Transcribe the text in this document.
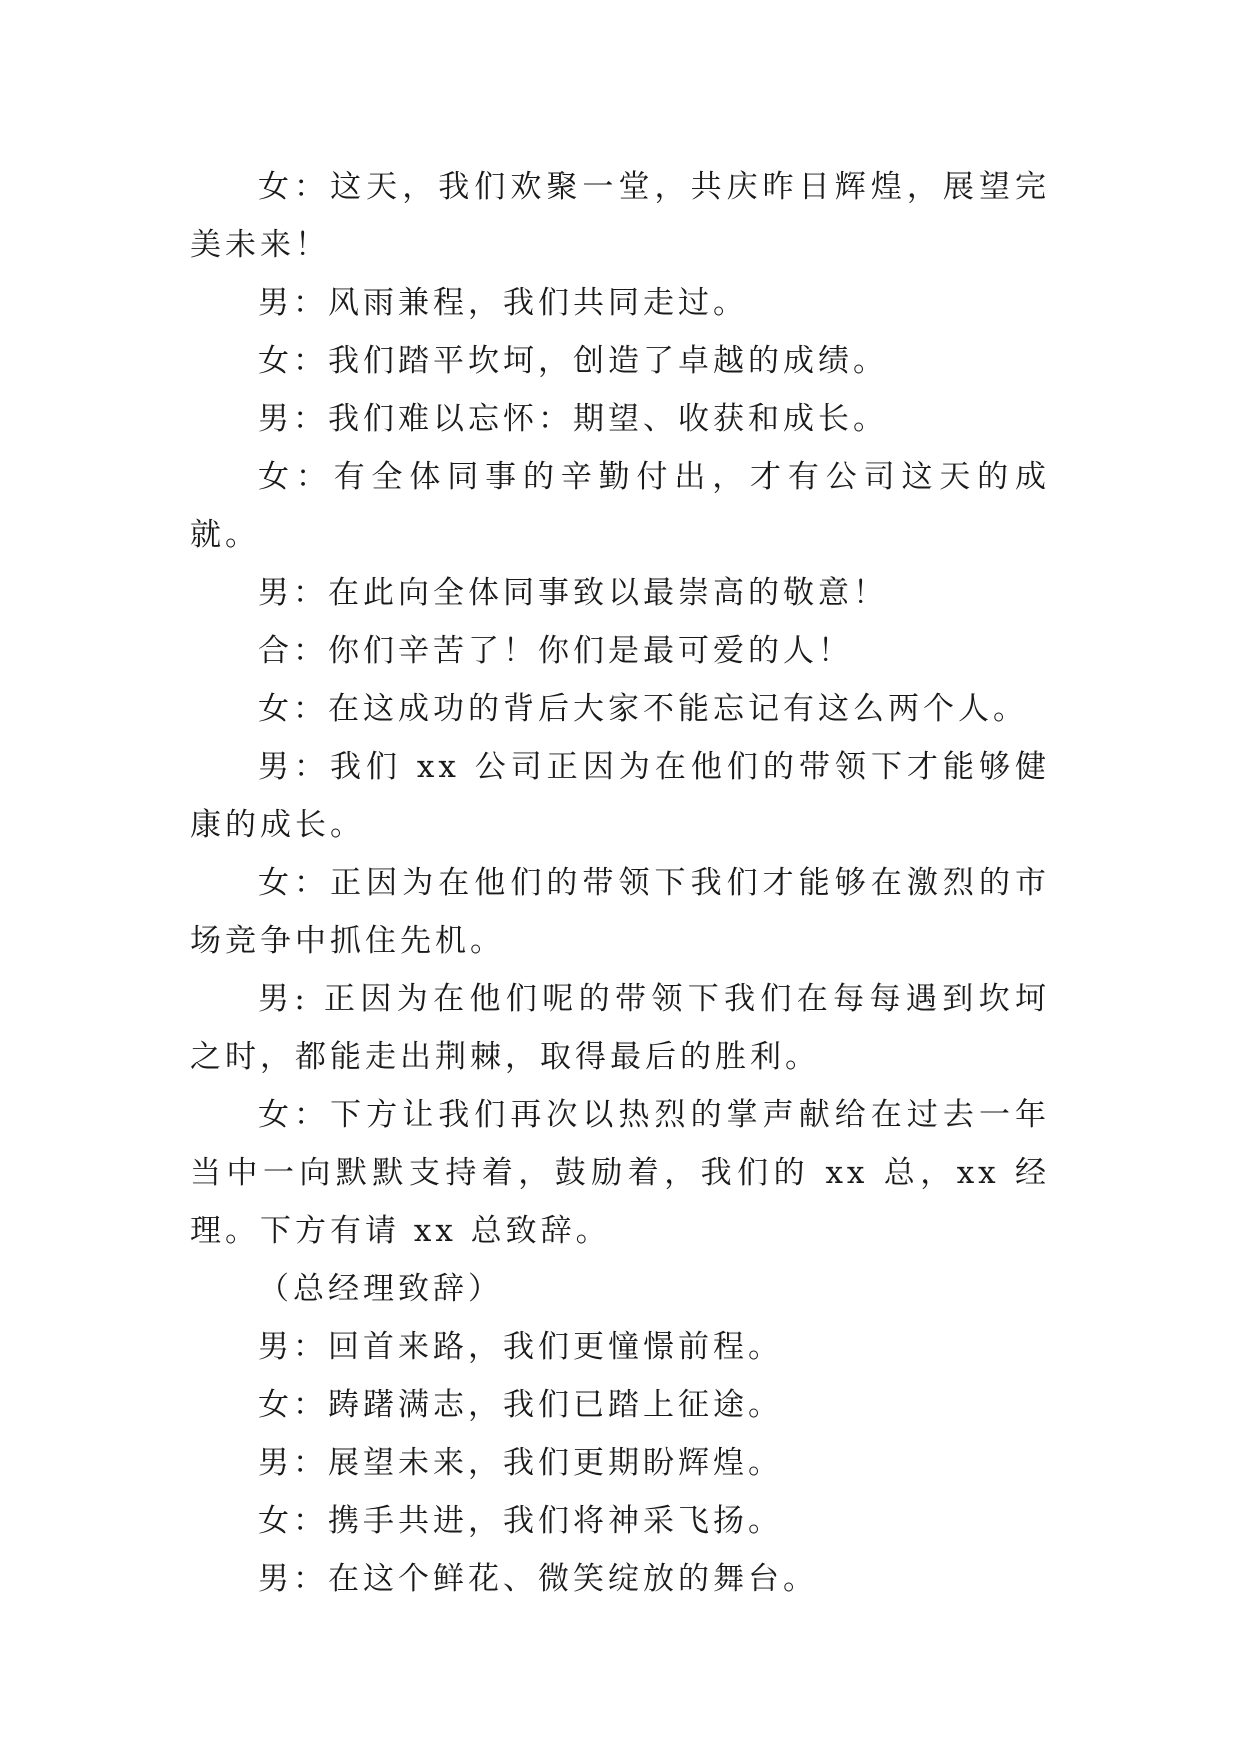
女：这天，我们欢聚一堂，共庆昨日辉煌，展望完美未来！

男：风雨兼程，我们共同走过。

女：我们踏平坎坷，创造了卓越的成绩。

男：我们难以忘怀：期望、收获和成长。

女：有全体同事的辛勤付出，才有公司这天的成就。

男：在此向全体同事致以最崇高的敬意！

合：你们辛苦了！你们是最可爱的人！

女：在这成功的背后大家不能忘记有这么两个人。

男：我们 xx 公司正因为在他们的带领下才能够健康的成长。

女：正因为在他们的带领下我们才能够在激烈的市场竞争中抓住先机。

男: 正因为在他们呢的带领下我们在每每遇到坎坷之时，都能走出荆棘，取得最后的胜利。

女：下方让我们再次以热烈的掌声献给在过去一年当中一向默默支持着，鼓励着，我们的 xx 总，xx 经理。下方有请 xx 总致辞。

（总经理致辞）

男：回首来路，我们更憧憬前程。

女：踌躇满志，我们已踏上征途。

男：展望未来，我们更期盼辉煌。

女：携手共进，我们将神采飞扬。

男：在这个鲜花、微笑绽放的舞台。
